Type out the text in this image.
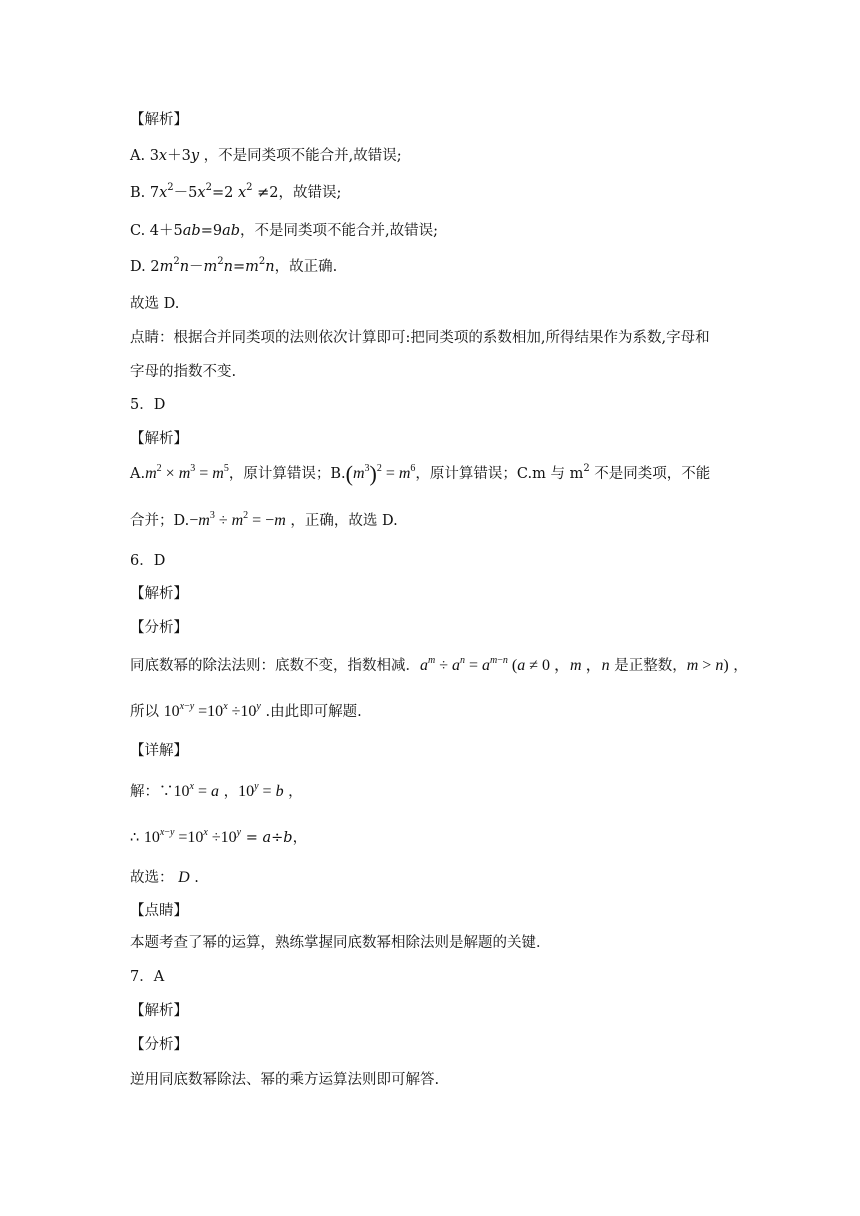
【解析】
A. 3x＋3y ，不是同类项不能合并,故错误;
B. $7x^2-5x^2=2$ $x^2 \ne 2$，故错误;
C. 4＋5ab=9ab，不是同类项不能合并,故错误;
D. $2m^2n-m^2n=m^2n$，故正确.
故选 D.
点睛：根据合并同类项的法则依次计算即可:把同类项的系数相加,所得结果作为系数,字母和
字母的指数不变.
5．D
【解析】
$A.m^2 \times m^3 = m^5$，原计算错误；$B.(m^3)^2 = m^6$，原计算错误；C.m 与 $m^2$ 不是同类项，不能
合并；$D.-m^3 \div m^2 = -m$ ，正确，故选 D.
6．D
【解析】
【分析】
同底数幂的除法法则：底数不变，指数相减．$a^m \div a^n = a^{m-n}$ (a ≠ 0 ，m ，n 是正整数，m > n) ，
所以 $10^{x-y} =10^x \div 10^y$ .由此即可解题.
【详解】
解：$\because 10^x = a$ ，$10^y = b$ ，
∴ $10^{x-y} =10^x \div 10^y = a\div b$，
故选： D .
【点睛】
本题考查了幂的运算，熟练掌握同底数幂相除法则是解题的关键．
7．A
【解析】
【分析】
逆用同底数幂除法、幂的乘方运算法则即可解答.
